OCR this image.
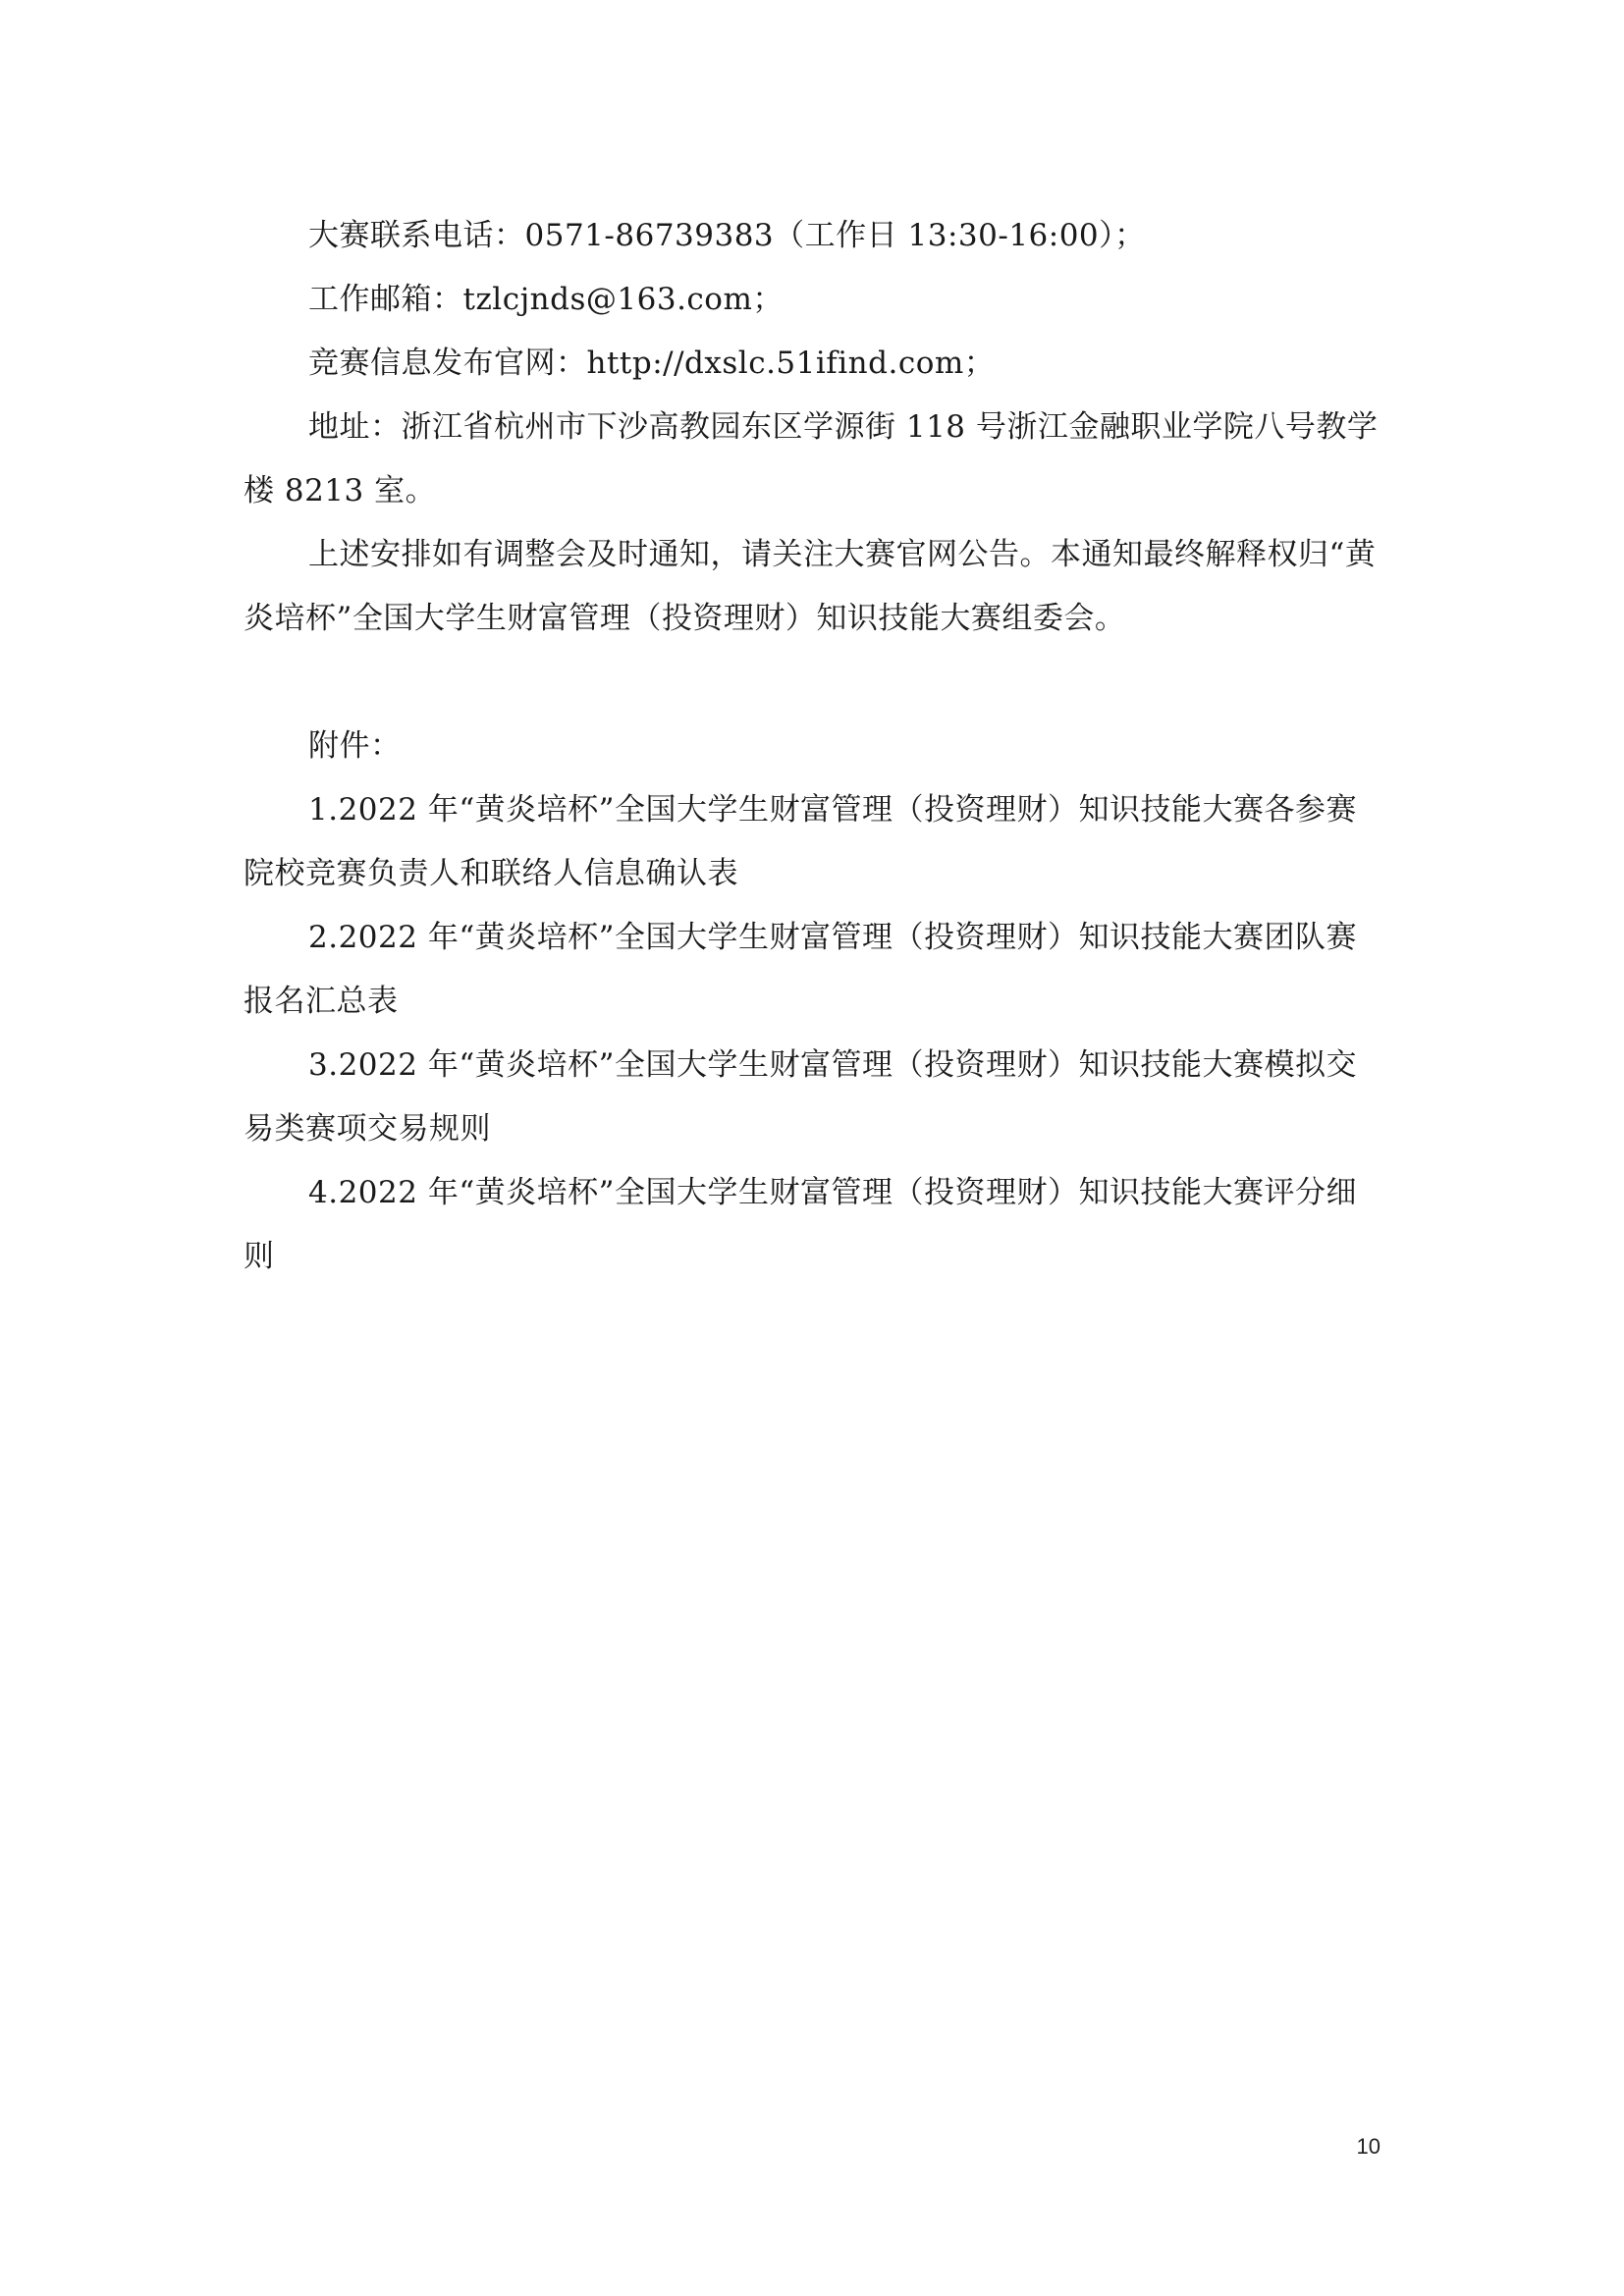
大赛联系电话：0571-86739383（工作日 13:30-16:00）；

工作邮箱：tzlcjnds@163.com；

竞赛信息发布官网：http://dxslc.51ifind.com；

地址：浙江省杭州市下沙高教园东区学源街 118 号浙江金融职业学院八号教学楼 8213 室。

上述安排如有调整会及时通知，请关注大赛官网公告。本通知最终解释权归“黄炎培杯”全国大学生财富管理（投资理财）知识技能大赛组委会。

附件：

1.2022 年“黄炎培杯”全国大学生财富管理（投资理财）知识技能大赛各参赛院校竞赛负责人和联络人信息确认表

2.2022 年“黄炎培杯”全国大学生财富管理（投资理财）知识技能大赛团队赛报名汇总表

3.2022 年“黄炎培杯”全国大学生财富管理（投资理财）知识技能大赛模拟交易类赛项交易规则

4.2022 年“黄炎培杯”全国大学生财富管理（投资理财）知识技能大赛评分细则

10
